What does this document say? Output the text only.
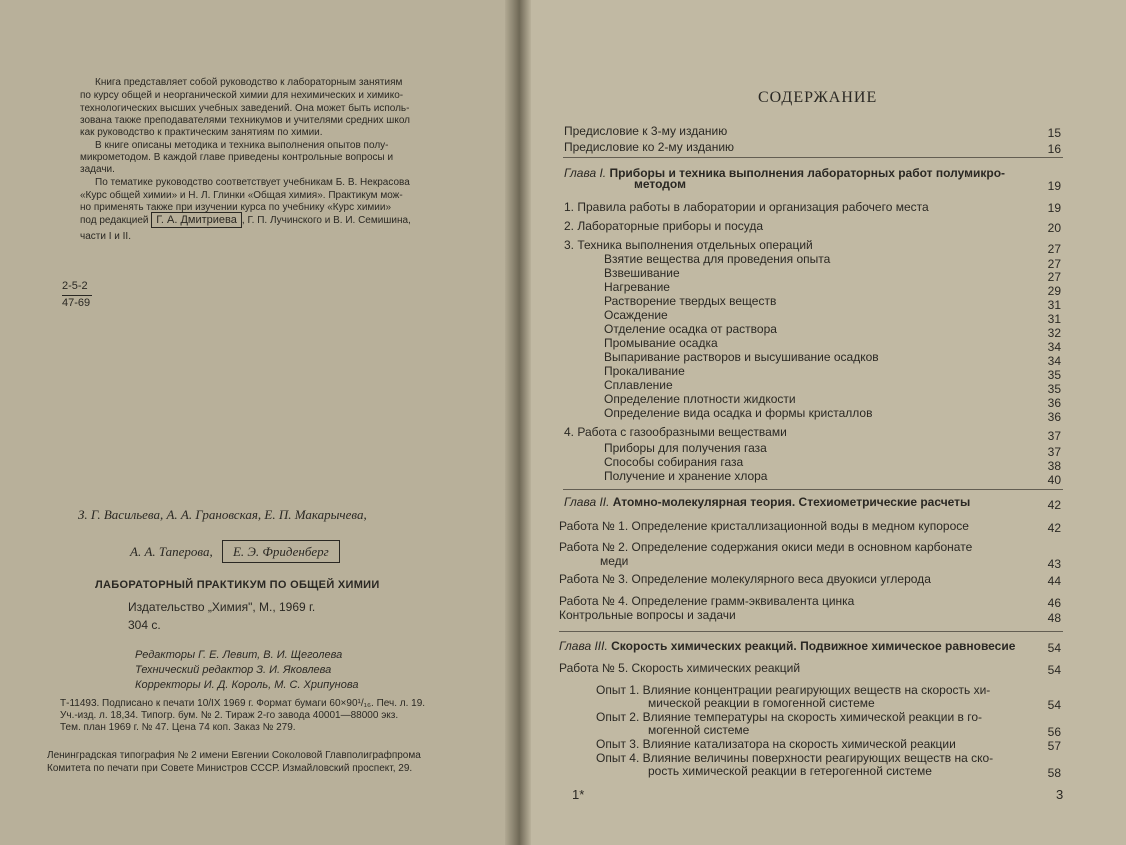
Книга представляет собой руководство к лабораторным занятиям
по курсу общей и неорганической химии для нехимических и химико-
технологических высших учебных заведений. Она может быть исполь-
зована также преподавателями техникумов и учителями средних школ
как руководство к практическим занятиям по химии.
В книге описаны методика и техника выполнения опытов полу-
микрометодом. В каждой главе приведены контрольные вопросы и
задачи.
По тематике руководство соответствует учебникам Б. В. Некрасова
«Курс общей химии» и Н. Л. Глинки «Общая химия». Практикум мож-
но применять также при изучении курса по учебнику «Курс химии»
под редакцией Г. А. Дмитриева , Г. П. Лучинского и В. И. Семишина,
части I и II.
2-5-2
47-69
З. Г. Васильева, А. А. Грановская, Е. П. Макарычева,
А. А. Таперова, Е. Э. Фриденберг
ЛАБОРАТОРНЫЙ ПРАКТИКУМ ПО ОБЩЕЙ ХИМИИ
Издательство „Химия", М., 1969 г.
304 с.
Редакторы Г. Е. Левит, В. И. Щеголева
Технический редактор З. И. Яковлева
Корректоры И. Д. Король, М. С. Хрипунова
Т-11493. Подписано к печати 10/IX 1969 г. Формат бумаги 60×90¹/₁₆. Печ. л. 19.
Уч.-изд. л. 18,34. Типогр. бум. № 2. Тираж 2-го завода 40001—88000 экз.
Тем. план 1969 г. № 47. Цена 74 коп. Заказ № 279.
Ленинградская типография № 2 имени Евгении Соколовой Главполиграфпрома
Комитета по печати при Совете Министров СССР. Измайловский проспект, 29.
СОДЕРЖАНИЕ
Предисловие к 3-му изданию	15
Предисловие ко 2-му изданию	16
Глава I. Приборы и техника выполнения лабораторных работ полумикро-
методом	19
1. Правила работы в лаборатории и организация рабочего места	19
2. Лабораторные приборы и посуда	20
3. Техника выполнения отдельных операций	27
Взятие вещества для проведения опыта	27
Взвешивание	27
Нагревание	29
Растворение твердых веществ	31
Осаждение	31
Отделение осадка от раствора	32
Промывание осадка	34
Выпаривание растворов и высушивание осадков	34
Прокаливание	35
Сплавление	35
Определение плотности жидкости	36
Определение вида осадка и формы кристаллов	36
4. Работа с газообразными веществами	37
Приборы для получения газа	37
Способы собирания газа	38
Получение и хранение хлора	40
Глава II. Атомно-молекулярная теория. Стехиометрические расчеты	42
Работа № 1. Определение кристаллизационной воды в медном купоросе	42
Работа № 2. Определение содержания окиси меди в основном карбонате
меди	43
Работа № 3. Определение молекулярного веса двуокиси углерода	44
Работа № 4. Определение грамм-эквивалента цинка	46
Контрольные вопросы и задачи	48
Глава III. Скорость химических реакций. Подвижное химическое равновесие	54
Работа № 5. Скорость химических реакций	54
Опыт 1. Влияние концентрации реагирующих веществ на скорость хи-
мической реакции в гомогенной системе	54
Опыт 2. Влияние температуры на скорость химической реакции в го-
могенной системе	56
Опыт 3. Влияние катализатора на скорость химической реакции	57
Опыт 4. Влияние величины поверхности реагирующих веществ на ско-
рость химической реакции в гетерогенной системе	58
1*	3
